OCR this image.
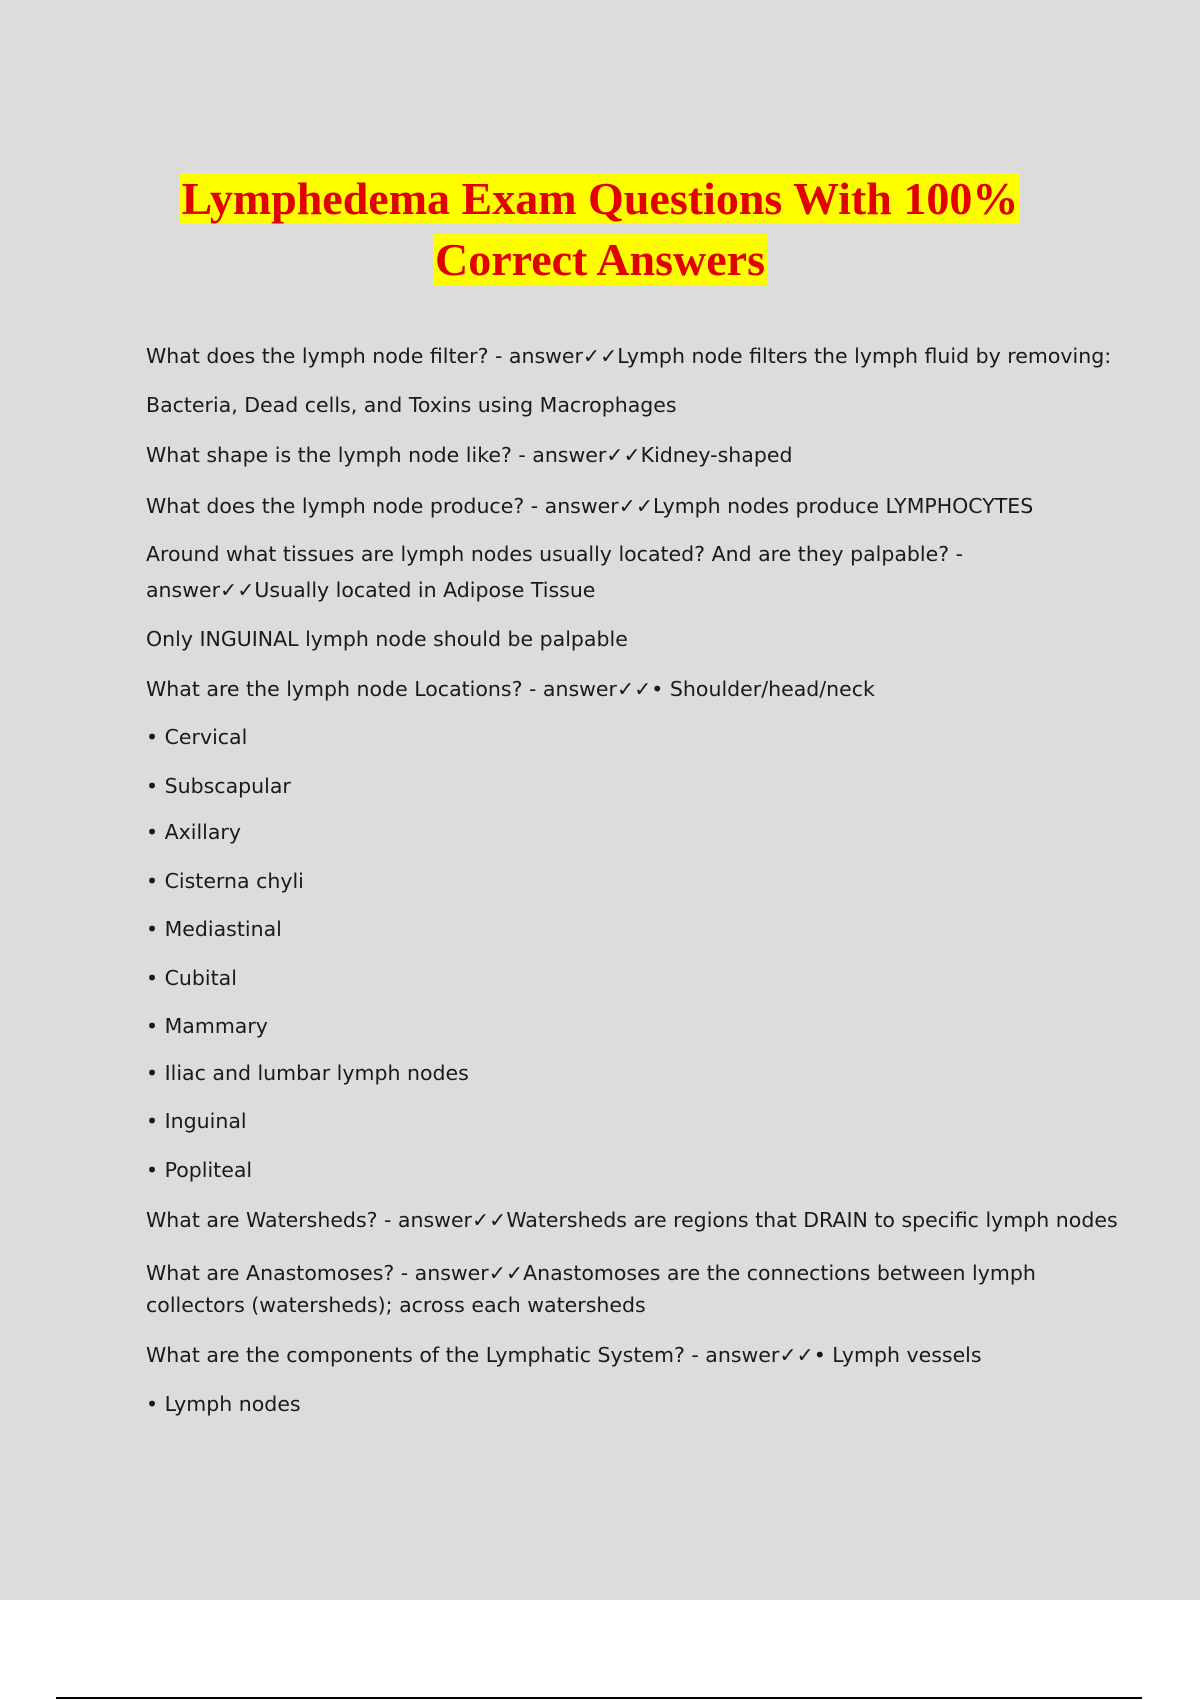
Lymphedema Exam Questions With 100%
Correct Answers
What does the lymph node filter? - answer✓✓Lymph node filters the lymph fluid by removing:
Bacteria, Dead cells, and Toxins using Macrophages
What shape is the lymph node like? - answer✓✓Kidney-shaped
What does the lymph node produce? - answer✓✓Lymph nodes produce LYMPHOCYTES
Around what tissues are lymph nodes usually located? And are they palpable? -
answer✓✓Usually located in Adipose Tissue
Only INGUINAL lymph node should be palpable
What are the lymph node Locations? - answer✓✓• Shoulder/head/neck
• Cervical
• Subscapular
• Axillary
• Cisterna chyli
• Mediastinal
• Cubital
• Mammary
• Iliac and lumbar lymph nodes
• Inguinal
• Popliteal
What are Watersheds? - answer✓✓Watersheds are regions that DRAIN to specific lymph nodes
What are Anastomoses? - answer✓✓Anastomoses are the connections between lymph
collectors (watersheds); across each watersheds
What are the components of the Lymphatic System? - answer✓✓• Lymph vessels
• Lymph nodes
